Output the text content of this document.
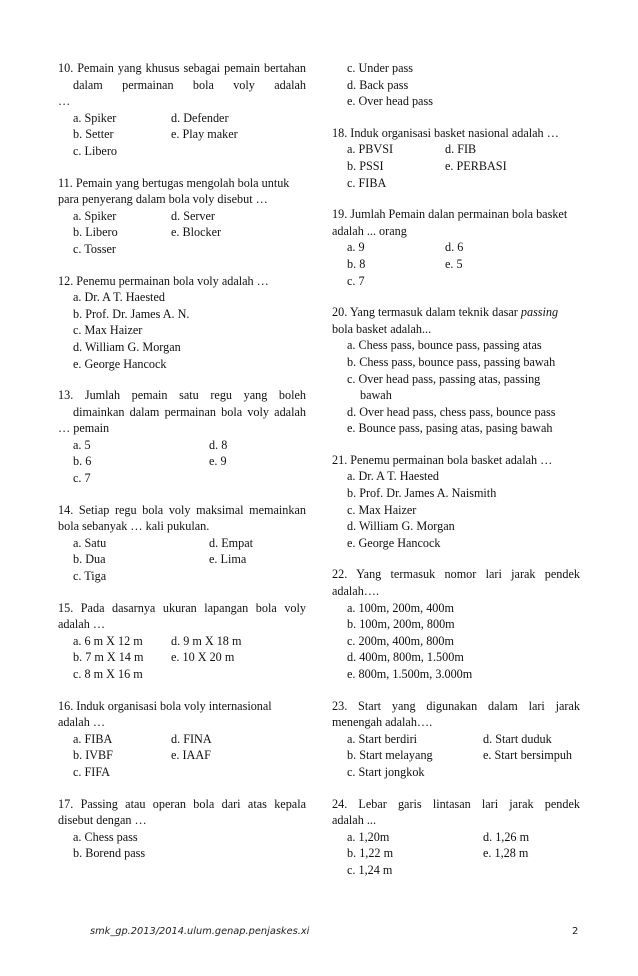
10. Pemain yang khusus sebagai pemain bertahan dalam permainan bola voly adalah
…
a. Spiker	d. Defender
b. Setter	e. Play maker
c. Libero
11. Pemain yang bertugas mengolah bola untuk
para penyerang dalam bola voly disebut …
a. Spiker	d. Server
b. Libero	e. Blocker
c. Tosser
12. Penemu permainan bola voly adalah …
a. Dr. A T. Haested
b. Prof. Dr. James A. N.
c. Max Haizer
d. William G. Morgan
e. George Hancock
13. Jumlah pemain satu regu yang boleh dimainkan dalam permainan bola voly adalah
… pemain
a. 5	d. 8
b. 6	e. 9
c. 7
14. Setiap regu bola voly maksimal memainkan
bola sebanyak … kali pukulan.
a. Satu	d. Empat
b. Dua	e. Lima
c. Tiga
15. Pada dasarnya ukuran lapangan bola voly
adalah …
a. 6 m X 12 m	d. 9 m X 18 m
b. 7 m X 14 m	e. 10 X 20 m
c. 8 m X 16 m
16. Induk organisasi bola voly internasional
adalah …
a. FIBA	d. FINA
b. IVBF	e. IAAF
c. FIFA
17. Passing atau operan bola dari atas kepala
disebut dengan …
a. Chess pass
b. Borend pass
c. Under pass
d. Back pass
e. Over head pass
18. Induk organisasi basket nasional adalah …
a. PBVSI	d. FIB
b. PSSI	e. PERBASI
c. FIBA
19. Jumlah Pemain dalan permainan bola basket
adalah ... orang
a. 9	d. 6
b. 8	e. 5
c. 7
20. Yang termasuk dalam teknik dasar passing
bola basket adalah...
a. Chess pass, bounce pass, passing atas
b. Chess pass, bounce pass, passing bawah
c. Over head pass, passing atas, passing
bawah
d. Over head pass, chess pass, bounce pass
e. Bounce pass, pasing atas, pasing bawah
21. Penemu permainan bola basket adalah …
a. Dr. A T. Haested
b. Prof. Dr. James A. Naismith
c. Max Haizer
d. William G. Morgan
e. George Hancock
22. Yang termasuk nomor lari jarak pendek
adalah….
a. 100m, 200m, 400m
b. 100m, 200m, 800m
c. 200m, 400m, 800m
d. 400m, 800m, 1.500m
e. 800m, 1.500m, 3.000m
23. Start yang digunakan dalam lari jarak
menengah adalah….
a. Start berdiri	d. Start duduk
b. Start melayang	e. Start bersimpuh
c. Start jongkok
24. Lebar garis lintasan lari jarak pendek
adalah ...
a. 1,20m	d. 1,26 m
b. 1,22 m	e. 1,28 m
c. 1,24 m
smk_gp.2013/2014.ulum.genap.penjaskes.xi	2
